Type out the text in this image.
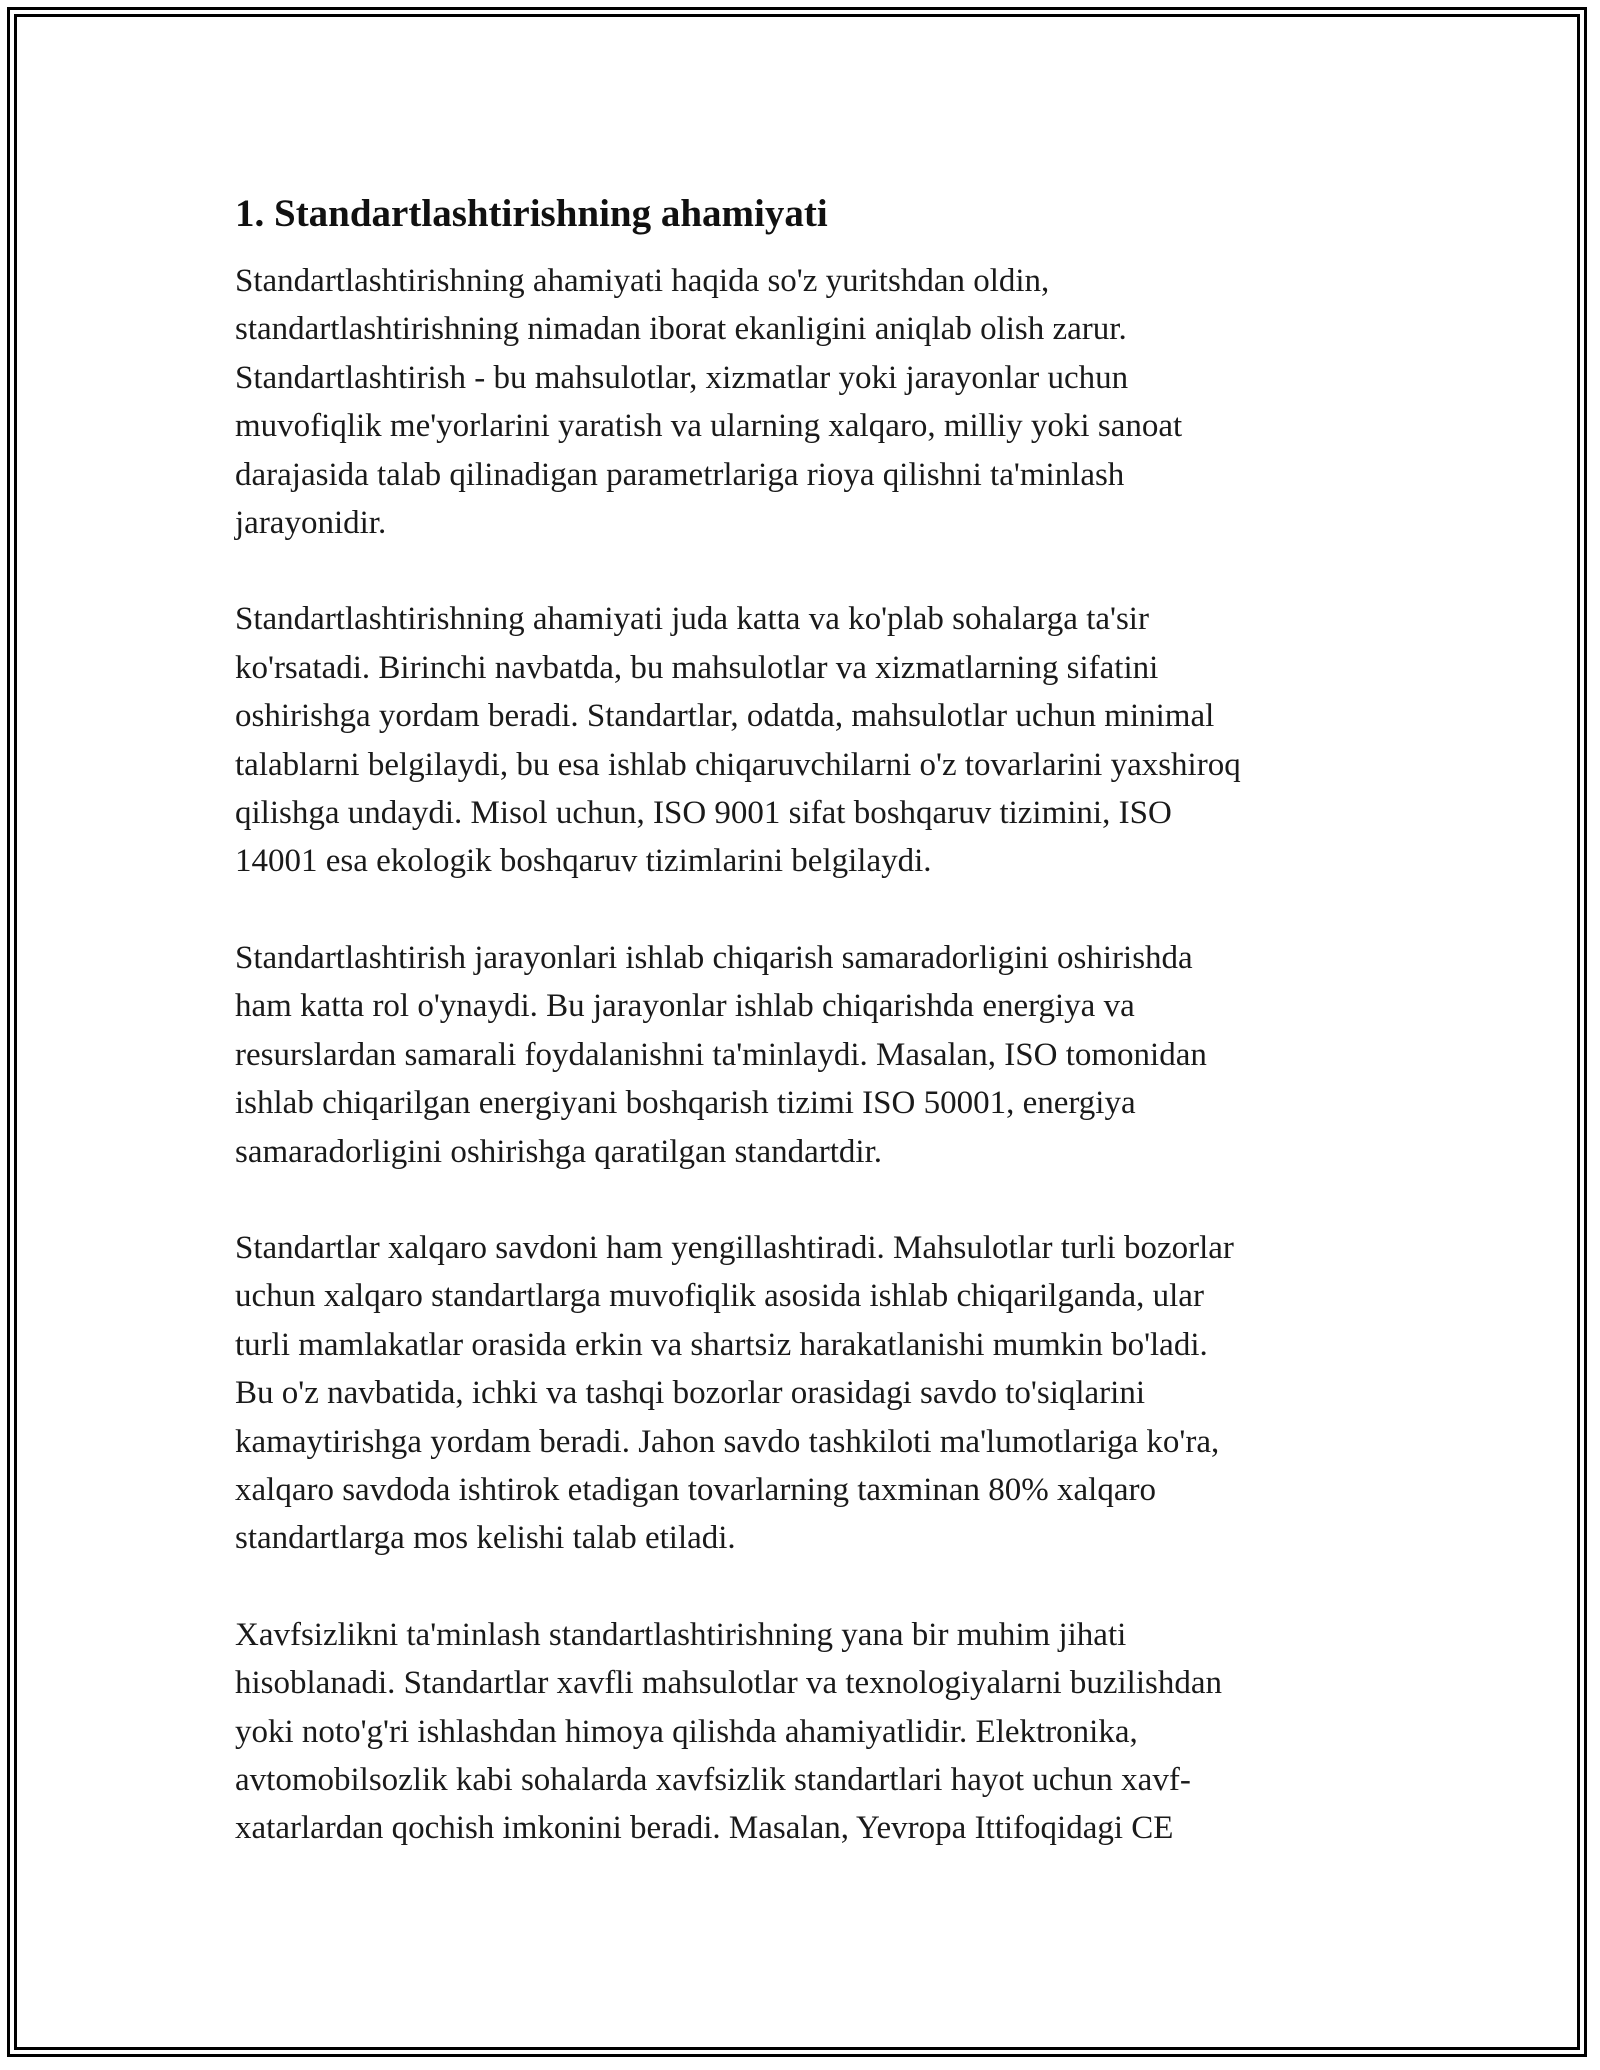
1. Standartlashtirishning ahamiyati
Standartlashtirishning ahamiyati haqida so'z yuritshdan oldin,
standartlashtirishning nimadan iborat ekanligini aniqlab olish zarur.
Standartlashtirish - bu mahsulotlar, xizmatlar yoki jarayonlar uchun
muvofiqlik me'yorlarini yaratish va ularning xalqaro, milliy yoki sanoat
darajasida talab qilinadigan parametrlariga rioya qilishni ta'minlash
jarayonidir.
Standartlashtirishning ahamiyati juda katta va ko'plab sohalarga ta'sir
ko'rsatadi. Birinchi navbatda, bu mahsulotlar va xizmatlarning sifatini
oshirishga yordam beradi. Standartlar, odatda, mahsulotlar uchun minimal
talablarni belgilaydi, bu esa ishlab chiqaruvchilarni o'z tovarlarini yaxshiroq
qilishga undaydi. Misol uchun, ISO 9001 sifat boshqaruv tizimini, ISO
14001 esa ekologik boshqaruv tizimlarini belgilaydi.
Standartlashtirish jarayonlari ishlab chiqarish samaradorligini oshirishda
ham katta rol o'ynaydi. Bu jarayonlar ishlab chiqarishda energiya va
resurslardan samarali foydalanishni ta'minlaydi. Masalan, ISO tomonidan
ishlab chiqarilgan energiyani boshqarish tizimi ISO 50001, energiya
samaradorligini oshirishga qaratilgan standartdir.
Standartlar xalqaro savdoni ham yengillashtiradi. Mahsulotlar turli bozorlar
uchun xalqaro standartlarga muvofiqlik asosida ishlab chiqarilganda, ular
turli mamlakatlar orasida erkin va shartsiz harakatlanishi mumkin bo'ladi.
Bu o'z navbatida, ichki va tashqi bozorlar orasidagi savdo to'siqlarini
kamaytirishga yordam beradi. Jahon savdo tashkiloti ma'lumotlariga ko'ra,
xalqaro savdoda ishtirok etadigan tovarlarning taxminan 80% xalqaro
standartlarga mos kelishi talab etiladi.
Xavfsizlikni ta'minlash standartlashtirishning yana bir muhim jihati
hisoblanadi. Standartlar xavfli mahsulotlar va texnologiyalarni buzilishdan
yoki noto'g'ri ishlashdan himoya qilishda ahamiyatlidir. Elektronika,
avtomobilsozlik kabi sohalarda xavfsizlik standartlari hayot uchun xavf-
xatarlardan qochish imkonini beradi. Masalan, Yevropa Ittifoqidagi CE
